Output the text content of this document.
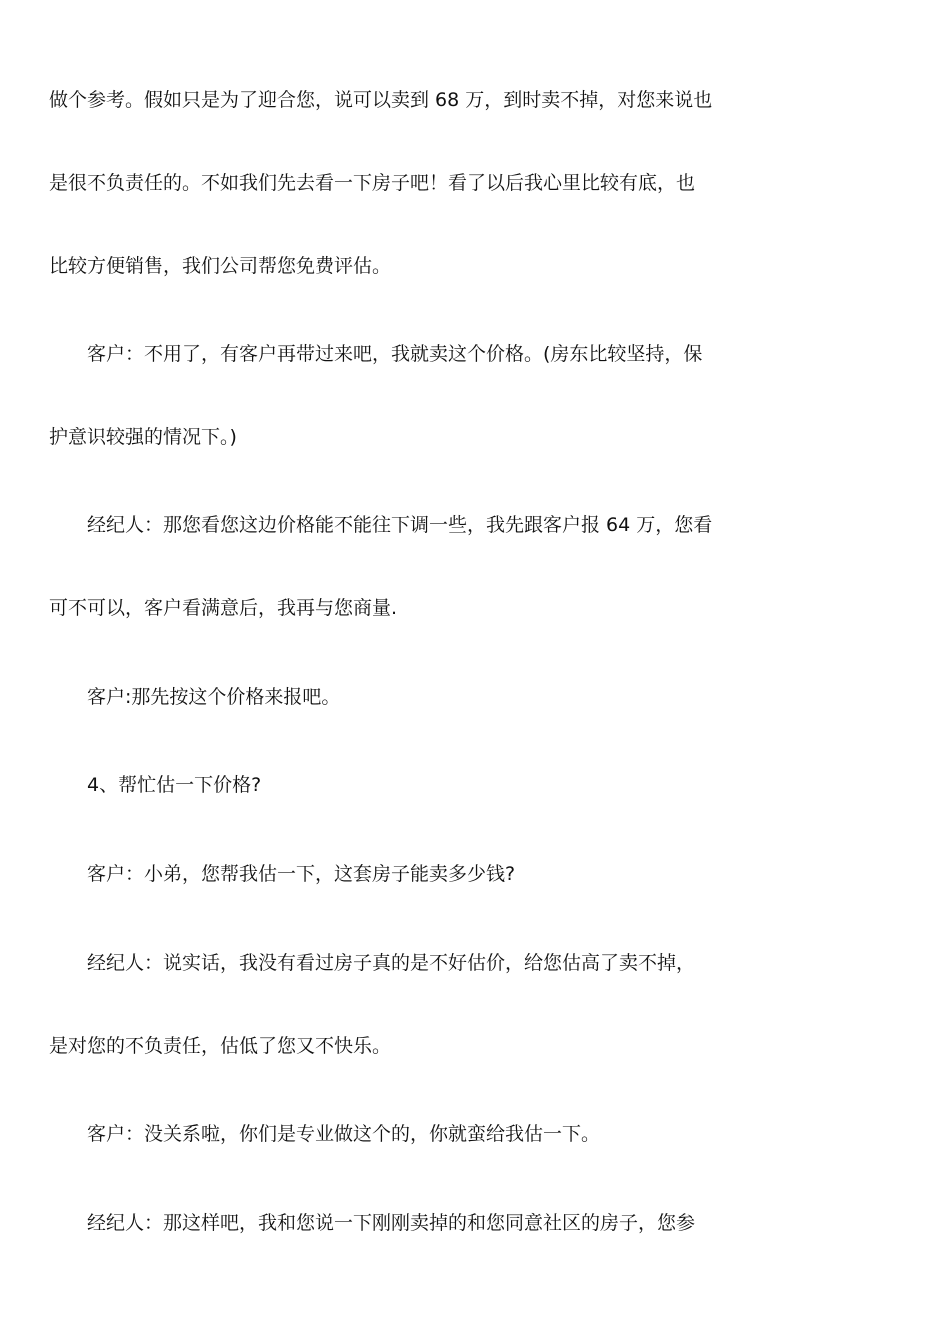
做个参考。假如只是为了迎合您，说可以卖到 68 万，到时卖不掉，对您来说也
是很不负责任的。不如我们先去看一下房子吧！看了以后我心里比较有底，也
比较方便销售，我们公司帮您免费评估。
客户：不用了，有客户再带过来吧，我就卖这个价格。(房东比较坚持，保
护意识较强的情况下。)
经纪人：那您看您这边价格能不能往下调一些，我先跟客户报 64 万，您看
可不可以，客户看满意后，我再与您商量.
客户:那先按这个价格来报吧。
4、帮忙估一下价格?
客户：小弟，您帮我估一下，这套房子能卖多少钱?
经纪人：说实话，我没有看过房子真的是不好估价，给您估高了卖不掉，
是对您的不负责任，估低了您又不快乐。
客户：没关系啦，你们是专业做这个的，你就蛮给我估一下。
经纪人：那这样吧，我和您说一下刚刚卖掉的和您同意社区的房子，您参
